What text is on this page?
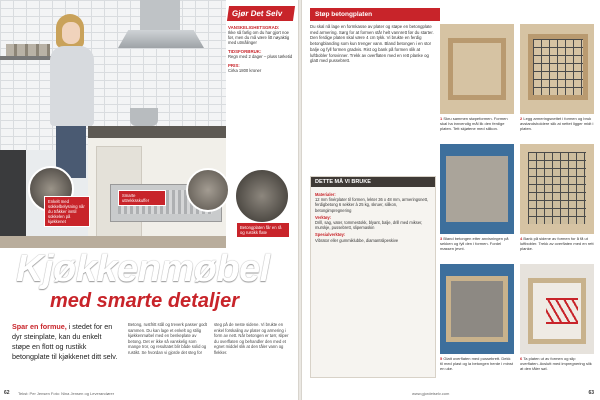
Enkelt med sokkelbelysning når du tråkker inntil sokkelen på kjøkkenet
Smarte uttrekksskuffer
Betongplaten får en rå og rustikk flate
Gjør Det Selv
VANSKELIGHETSGRAD:
Ikke så farlig om du har gjort noe før, men du må være litt nøyaktig med utmålinger
TIDSFORBRUK:
Regn med 2 dager – pluss tørketid
PRIS:
Cirka 1800 kroner
Kjøkkenmøbel
med smarte detaljer
Spar en formue, i stedet for en dyr steinplate, kan du enkelt støpe en flott og rustikk betongplate til kjøkkenet ditt selv.
Betong, rustfritt stål og treverk passer godt sammen. Du kan lage et enkelt og stilig kjøkkenmøbel med en benkeplate av betong. Det er ikke så vanskelig som mange tror, og resultatet blir både solid og rustikt. Se hvordan vi gjorde det steg for steg på de neste sidene. Vi brukte en enkel forskaling av plater og armering i form av nett. Når betongen er tørr, sliper du overflaten og behandler den med et egnet middel slik at den tåler vann og flekker.
62 Tekst: Per Jensen Foto: Nina Jensen og Leverandører
Støp betongplaten
Du skal nå lage en formkasse av plater og støpe en betongplate med armering. Sørg for at formen står helt vannrett før du starter. Den ferdige platen skal være 4 cm tykk. Vi brukte en ferdig betongblanding som kun trenger vann. Bland betongen i en stor balje og fyll formen gradvis. Rist og bank på formen slik at luftbobler forsvinner. Trekk av overflaten med en rett planke og glatt med pussebrett.
DETTE MÅ VI BRUKE
Materialer:
12 mm finérplater til formen, lekter 36 x 48 mm, armeringsnett, ferdigbetong 6 sekker à 25 kg, skruer, silikon, betongimpregnering
Verktøy:
Drill, sag, vater, tommestokk, blyant, balje, drill med mikser, murskje, pussebrett, slipemaskin
Spesialverktøy:
Vibrator eller gummiklubbe, diamantslipeskive
1 Skru sammen støpeformen. Formen skal ha innvendig mål lik den ferdige platen. Tett skjøtene med silikon.
2 Legg armeringsnettet i formen og bruk avstandsholdere slik at nettet ligger midt i platen.
3 Bland betongen etter anvisningen på sekken og fyll den i formen. Fordel massen jevnt.
4 Bank på sidene av formen for å få ut luftbobler. Trekk av overflaten med en rett planke.
5 Glatt overflaten med pussebrett. Dekk til med plast og la betongen herde i minst en uke.
6 Ta platen ut av formen og slip overflaten. Avslutt med impregnering slik at den tåler søl.
www.gjordetselv.com	63
